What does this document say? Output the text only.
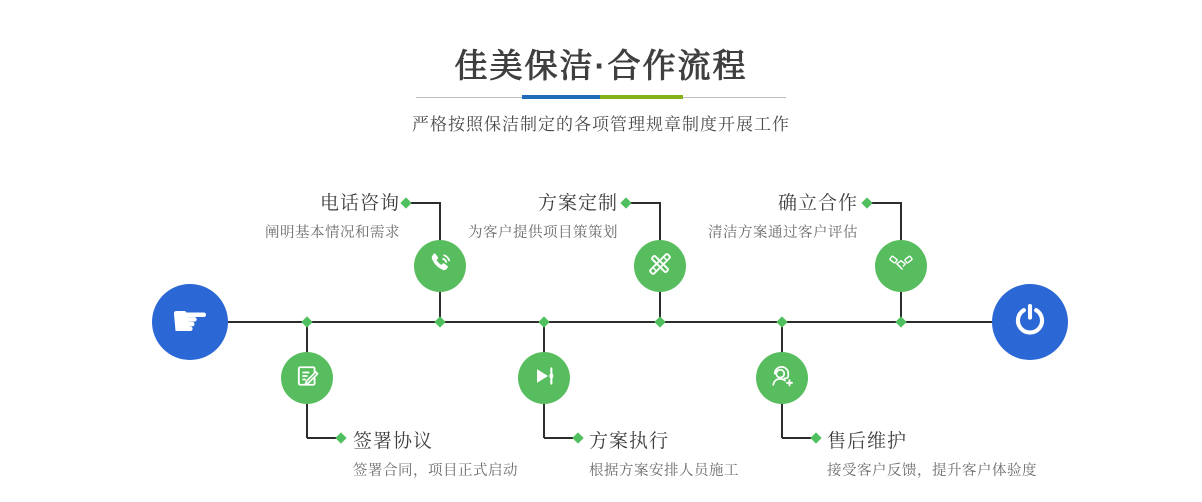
佳美保洁·合作流程
严格按照保洁制定的各项管理规章制度开展工作
电话咨询
阐明基本情况和需求
方案定制
为客户提供项目策策划
确立合作
清洁方案通过客户评估
签署协议
签署合同，项目正式启动
方案执行
根据方案安排人员施工
售后维护
接受客户反馈，提升客户体验度
☛
